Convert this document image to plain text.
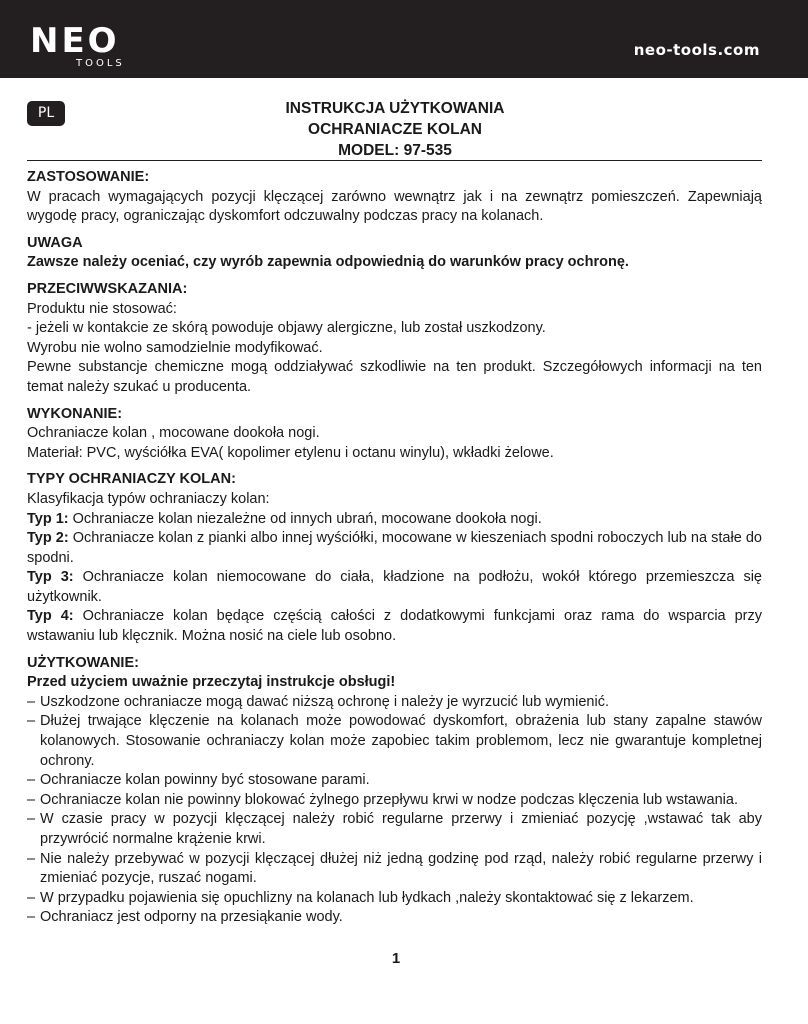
NEO
TOOLS
neo-tools.com
PL	INSTRUKCJA UŻYTKOWANIA
OCHRANIACZE KOLAN
MODEL: 97-535
ZASTOSOWANIE:

W pracach wymagających pozycji klęczącej zarówno wewnątrz jak i na zewnątrz pomieszczeń. Zapewniają wygodę pracy, ograniczając dyskomfort odczuwalny podczas pracy na kolanach.

UWAGA

Zawsze należy oceniać, czy wyrób zapewnia odpowiednią do warunków pracy ochronę.

PRZECIWWSKAZANIA:

Produktu nie stosować:

- jeżeli w kontakcie ze skórą powoduje objawy alergiczne, lub został uszkodzony.

Wyrobu nie wolno samodzielnie modyfikować.

Pewne substancje chemiczne mogą oddziaływać szkodliwie na ten produkt. Szczegółowych informacji na ten temat należy szukać u producenta.

WYKONANIE:

Ochraniacze kolan , mocowane dookoła nogi.

Materiał: PVC, wyściółka EVA( kopolimer etylenu i octanu winylu), wkładki żelowe.

TYPY OCHRANIACZY KOLAN:

Klasyfikacja typów ochraniaczy kolan:

Typ 1: Ochraniacze kolan niezależne od innych ubrań, mocowane dookoła nogi.

Typ 2: Ochraniacze kolan z pianki albo innej wyściółki, mocowane w kieszeniach spodni roboczych lub na stałe do spodni.

Typ 3: Ochraniacze kolan niemocowane do ciała, kładzione na podłożu, wokół którego przemieszcza się użytkownik.

Typ 4: Ochraniacze kolan będące częścią całości z dodatkowymi funkcjami oraz rama do wsparcia przy wstawaniu lub klęcznik. Można nosić na ciele lub osobno.

UŻYTKOWANIE:

Przed użyciem uważnie przeczytaj instrukcje obsługi!

– Uszkodzone ochraniacze mogą dawać niższą ochronę i należy je wyrzucić lub wymienić.
– Dłużej trwające klęczenie na kolanach może powodować dyskomfort, obrażenia lub stany zapalne stawów kolanowych. Stosowanie ochraniaczy kolan może zapobiec takim problemom, lecz nie gwarantuje kompletnej ochrony.
– Ochraniacze kolan powinny być stosowane parami.
– Ochraniacze kolan nie powinny blokować żylnego przepływu krwi w nodze podczas klęczenia lub wstawania.
– W czasie pracy w pozycji klęczącej należy robić regularne przerwy i zmieniać pozycję ,wstawać tak aby przywrócić normalne krążenie krwi.
– Nie należy przebywać w pozycji klęczącej dłużej niż jedną godzinę pod rząd, należy robić regularne przerwy i zmieniać pozycje, ruszać nogami.
– W przypadku pojawienia się opuchlizny na kolanach lub łydkach ,należy skontaktować się z lekarzem.
– Ochraniacz jest odporny na przesiąkanie wody.
1
